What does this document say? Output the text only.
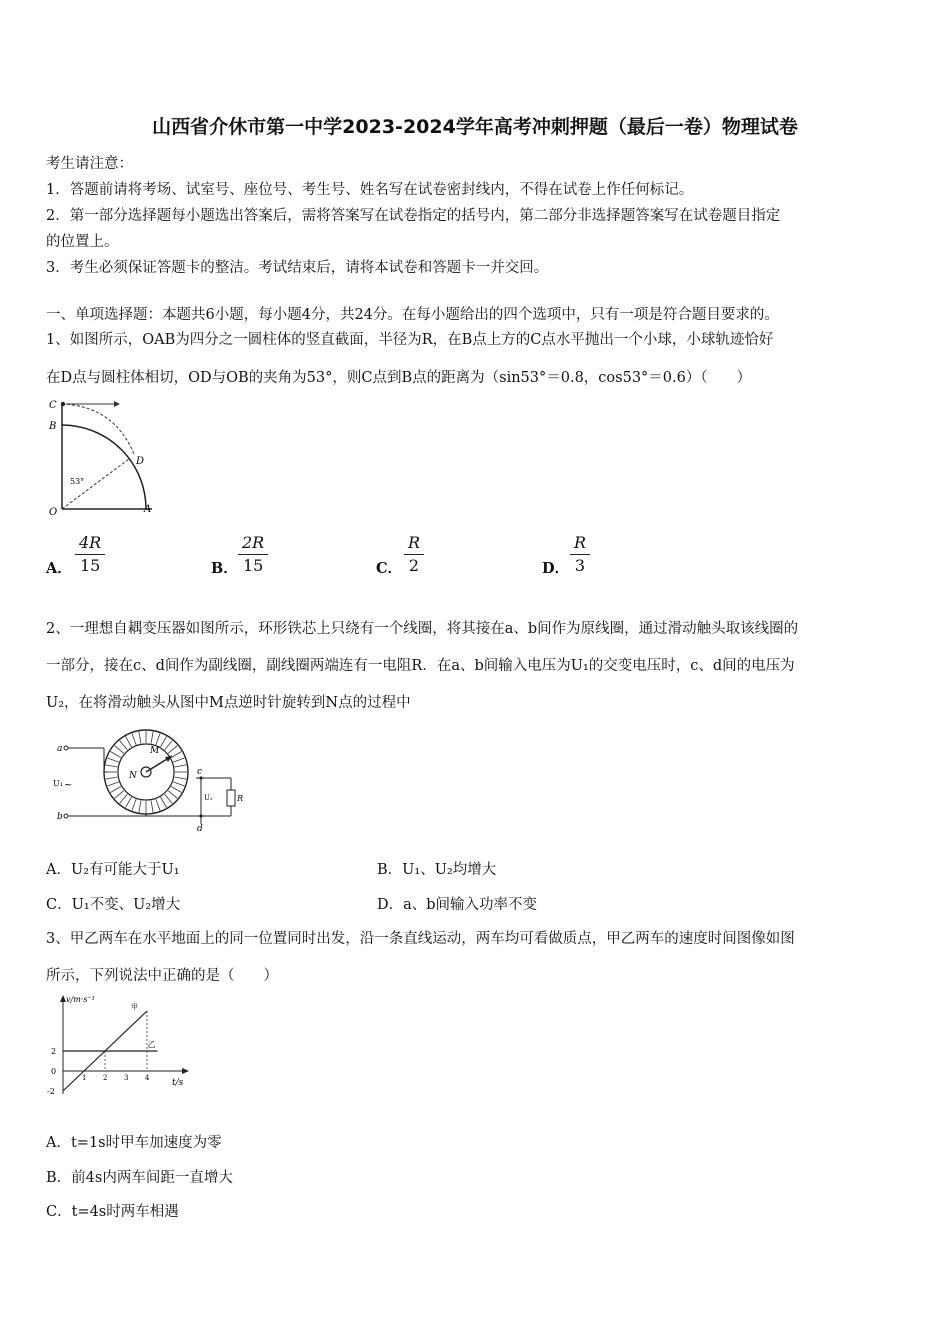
山西省介休市第一中学2023-2024学年高考冲刺押题（最后一卷）物理试卷
考生请注意：
1．答题前请将考场、试室号、座位号、考生号、姓名写在试卷密封线内，不得在试卷上作任何标记。
2．第一部分选择题每小题选出答案后，需将答案写在试卷指定的括号内，第二部分非选择题答案写在试卷题目指定
的位置上。
3．考生必须保证答题卡的整洁。考试结束后，请将本试卷和答题卡一并交回。
一、单项选择题：本题共6小题，每小题4分，共24分。在每小题给出的四个选项中，只有一项是符合题目要求的。
1、如图所示，OAB为四分之一圆柱体的竖直截面，半径为R，在B点上方的C点水平抛出一个小球，小球轨迹恰好
在D点与圆柱体相切，OD与OB的夹角为53°，则C点到B点的距离为（sin53°＝0.8，cos53°＝0.6）（　　）
C
B
D
O	A
53°
A． $\frac{4R}{15}$	B． $\frac{2R}{15}$	C． $\frac{R}{2}$	D． $\frac{R}{3}$
2、一理想自耦变压器如图所示，环形铁芯上只绕有一个线圈，将其接在a、b间作为原线圈，通过滑动触头取该线圈的
一部分，接在c、d间作为副线圈，副线圈两端连有一电阻R．在a、b间输入电压为U₁的交变电压时，c、d间的电压为
U₂，在将滑动触头从图中M点逆时针旋转到N点的过程中
a
b
c
d
M
N
U₁ ~
U₂	R
A．U₂有可能大于U₁	B．U₁、U₂均增大
C．U₁不变、U₂增大	D．a、b间输入功率不变
3、甲乙两车在水平地面上的同一位置同时出发，沿一条直线运动，两车均可看做质点，甲乙两车的速度时间图像如图
所示，下列说法中正确的是（　　）
甲
乙
1 2 3 4
2
0
-2
v/m·s⁻¹
t/s
A．t=1s时甲车加速度为零
B．前4s内两车间距一直增大
C．t=4s时两车相遇
